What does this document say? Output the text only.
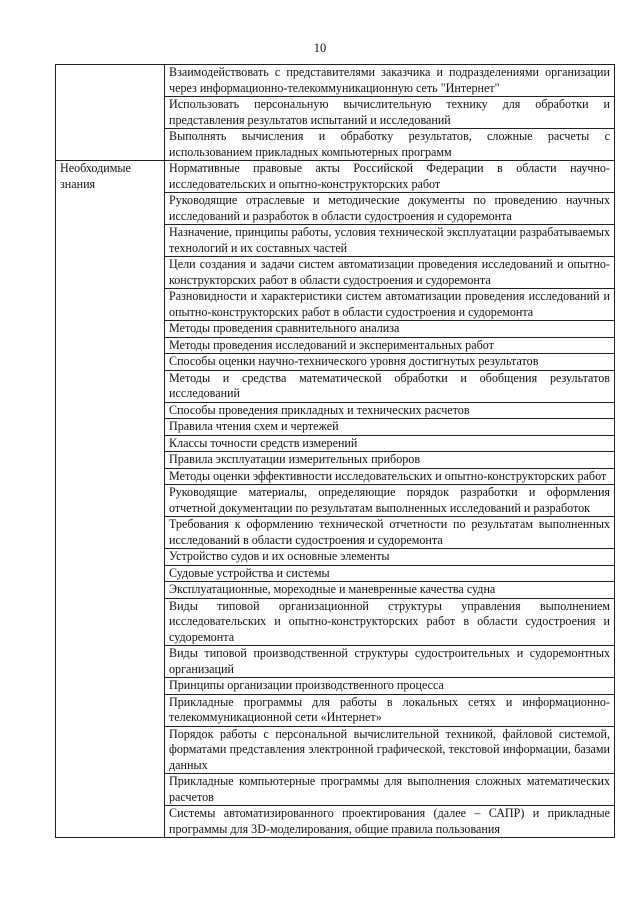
10
	Взаимодействовать с представителями заказчика и подразделениями организации через информационно-телекоммуникационную сеть "Интернет"
	Использовать персональную вычислительную технику для обработки и представления результатов испытаний и исследований
	Выполнять вычисления и обработку результатов, сложные расчеты с использованием прикладных компьютерных программ
Необходимые знания	Нормативные правовые акты Российской Федерации в области научно-исследовательских и опытно-конструкторских работ
	Руководящие отраслевые и методические документы по проведению научных исследований и разработок в области судостроения и судоремонта
	Назначение, принципы работы, условия технической эксплуатации разрабатываемых технологий и их составных частей
	Цели создания и задачи систем автоматизации проведения исследований и опытно-конструкторских работ в области судостроения и судоремонта
	Разновидности и характеристики систем автоматизации проведения исследований и опытно-конструкторских работ в области судостроения и судоремонта
	Методы проведения сравнительного анализа
	Методы проведения исследований и экспериментальных работ
	Способы оценки научно-технического уровня достигнутых результатов
	Методы и средства математической обработки и обобщения результатов исследований
	Способы проведения прикладных и технических расчетов
	Правила чтения схем и чертежей
	Классы точности средств измерений
	Правила эксплуатации измерительных приборов
	Методы оценки эффективности исследовательских и опытно-конструкторских работ
	Руководящие материалы, определяющие порядок разработки и оформления отчетной документации по результатам выполненных исследований и разработок
	Требования к оформлению технической отчетности по результатам выполненных исследований в области судостроения и судоремонта
	Устройство судов и их основные элементы
	Судовые устройства и системы
	Эксплуатационные, мореходные и маневренные качества судна
	Виды типовой организационной структуры управления выполнением исследовательских и опытно-конструкторских работ в области судостроения и судоремонта
	Виды типовой производственной структуры судостроительных и судоремонтных организаций
	Принципы организации производственного процесса
	Прикладные программы для работы в локальных сетях и информационно-телекоммуникационной сети «Интернет»
	Порядок работы с персональной вычислительной техникой, файловой системой, форматами представления электронной графической, текстовой информации, базами данных
	Прикладные компьютерные программы для выполнения сложных математических расчетов
	Системы автоматизированного проектирования (далее – САПР) и прикладные программы для 3D-моделирования, общие правила пользования
